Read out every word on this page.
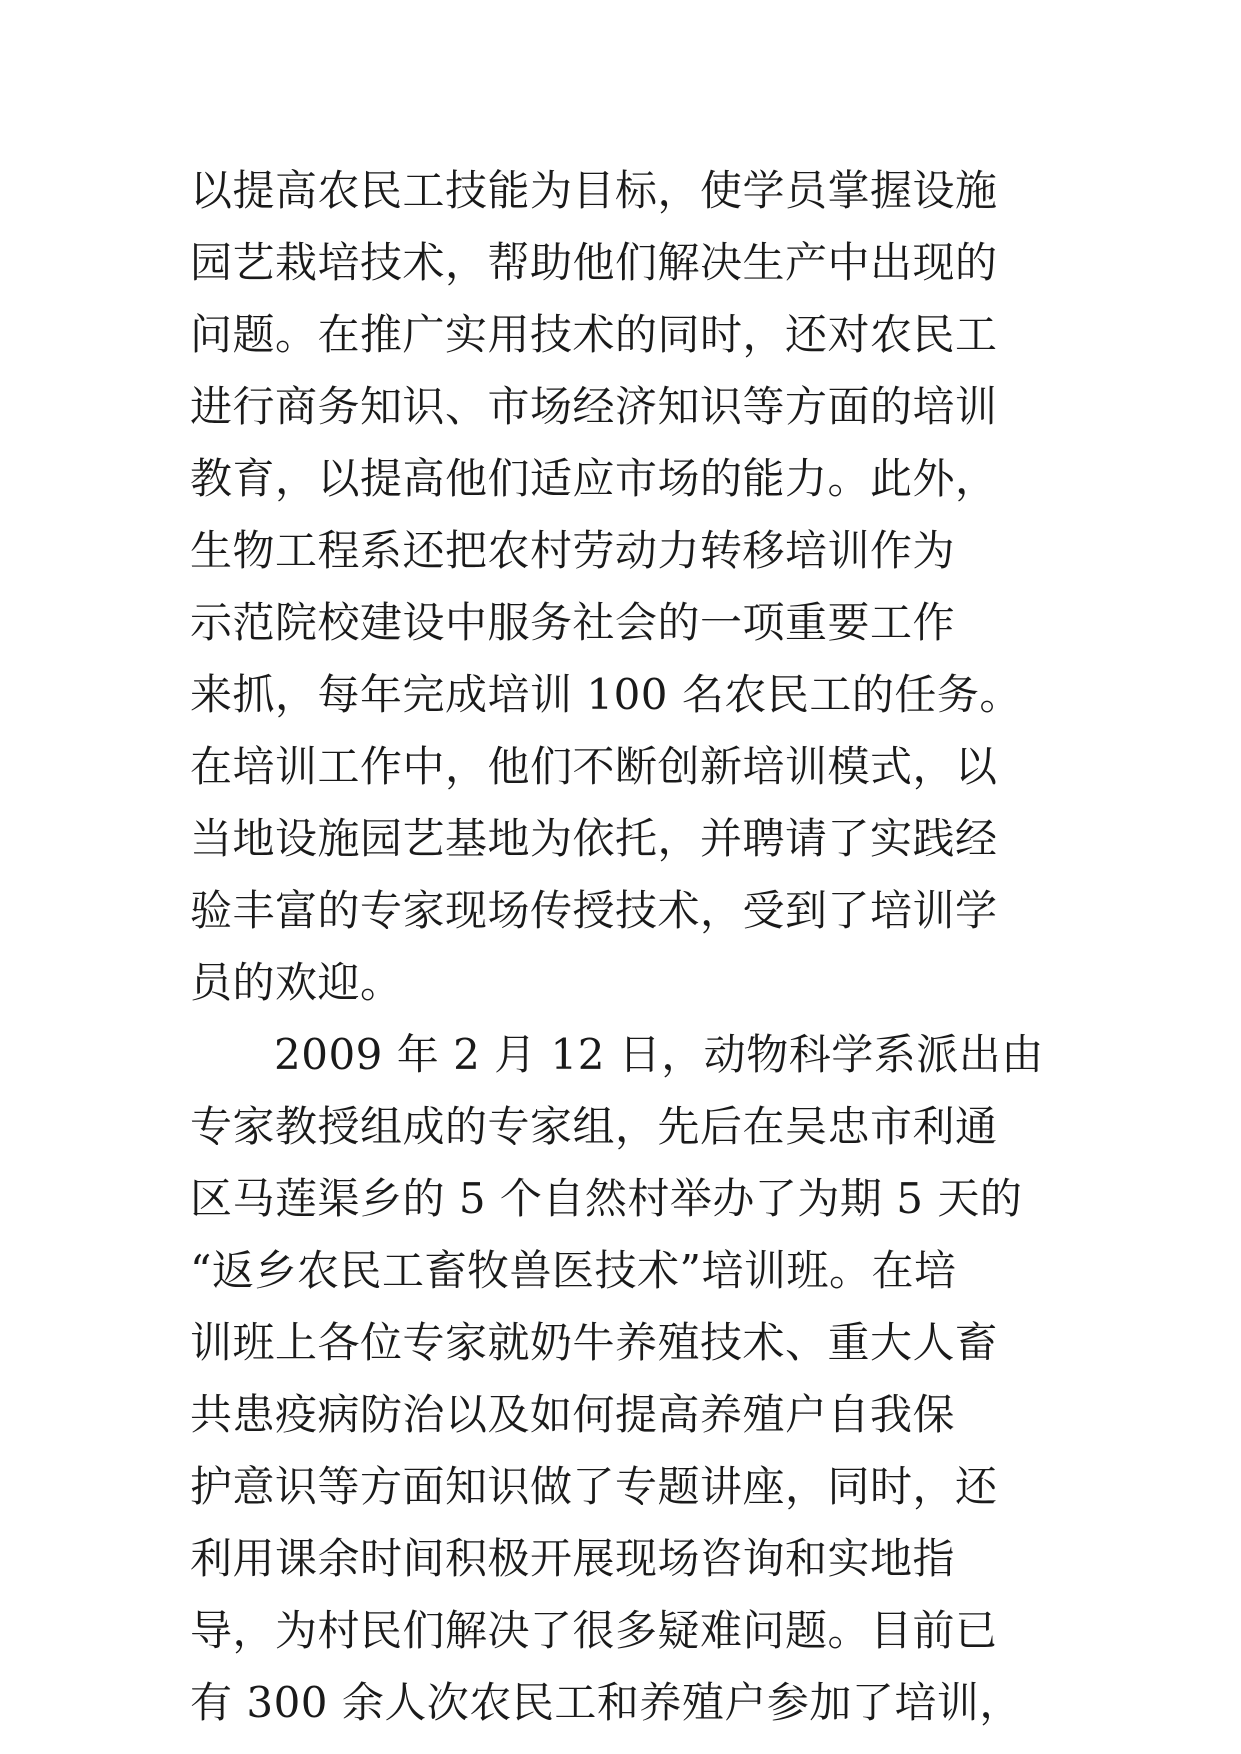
以提高农民工技能为目标，使学员掌握设施
园艺栽培技术，帮助他们解决生产中出现的
问题。在推广实用技术的同时，还对农民工
进行商务知识、市场经济知识等方面的培训
教育，以提高他们适应市场的能力。此外，
生物工程系还把农村劳动力转移培训作为
示范院校建设中服务社会的一项重要工作
来抓，每年完成培训 100 名农民工的任务。
在培训工作中，他们不断创新培训模式，以
当地设施园艺基地为依托，并聘请了实践经
验丰富的专家现场传授技术，受到了培训学
员的欢迎。
2009 年 2 月 12 日，动物科学系派出由
专家教授组成的专家组，先后在吴忠市利通
区马莲渠乡的 5 个自然村举办了为期 5 天的
“返乡农民工畜牧兽医技术”培训班。在培
训班上各位专家就奶牛养殖技术、重大人畜
共患疫病防治以及如何提高养殖户自我保
护意识等方面知识做了专题讲座，同时，还
利用课余时间积极开展现场咨询和实地指
导，为村民们解决了很多疑难问题。目前已
有 300 余人次农民工和养殖户参加了培训，
